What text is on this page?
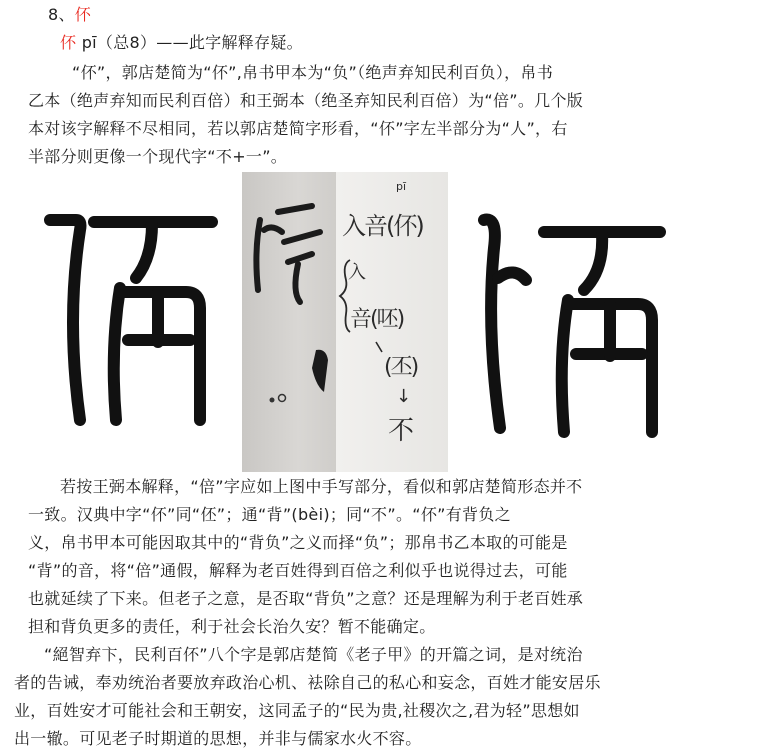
8、伓
伓 pī（总8）——此字解释存疑。
“伓”，郭店楚简为“伓”,帛书甲本为“负”（绝声弃知民利百负），帛书
乙本（绝声弃知而民利百倍）和王弼本（绝圣弃知民利百倍）为“倍”。几个版
本对该字解释不尽相同，若以郭店楚简字形看，“伓”字左半部分为“人”，右
半部分则更像一个现代字“不+一”。
pī
入咅(伓)
入
咅(呸)
(丕)
↓
不
若按王弼本解释，“倍”字应如上图中手写部分，看似和郭店楚简形态并不
一致。汉典中字“伓”同“伾”；通“背”(bèi)；同“不”。“伓”有背负之
义，帛书甲本可能因取其中的“背负”之义而择“负”；那帛书乙本取的可能是
“背”的音，将“倍”通假，解释为老百姓得到百倍之利似乎也说得过去，可能
也就延续了下来。但老子之意，是否取“背负”之意？还是理解为利于老百姓承
担和背负更多的责任，利于社会长治久安？暂不能确定。
“絕智弃卞，民利百伓”八个字是郭店楚简《老子甲》的开篇之词，是对统治
者的告诫，奉劝统治者要放弃政治心机、袪除自己的私心和妄念，百姓才能安居乐
业，百姓安才可能社会和王朝安，这同孟子的“民为贵,社稷次之,君为轻”思想如
出一辙。可见老子时期道的思想，并非与儒家水火不容。
